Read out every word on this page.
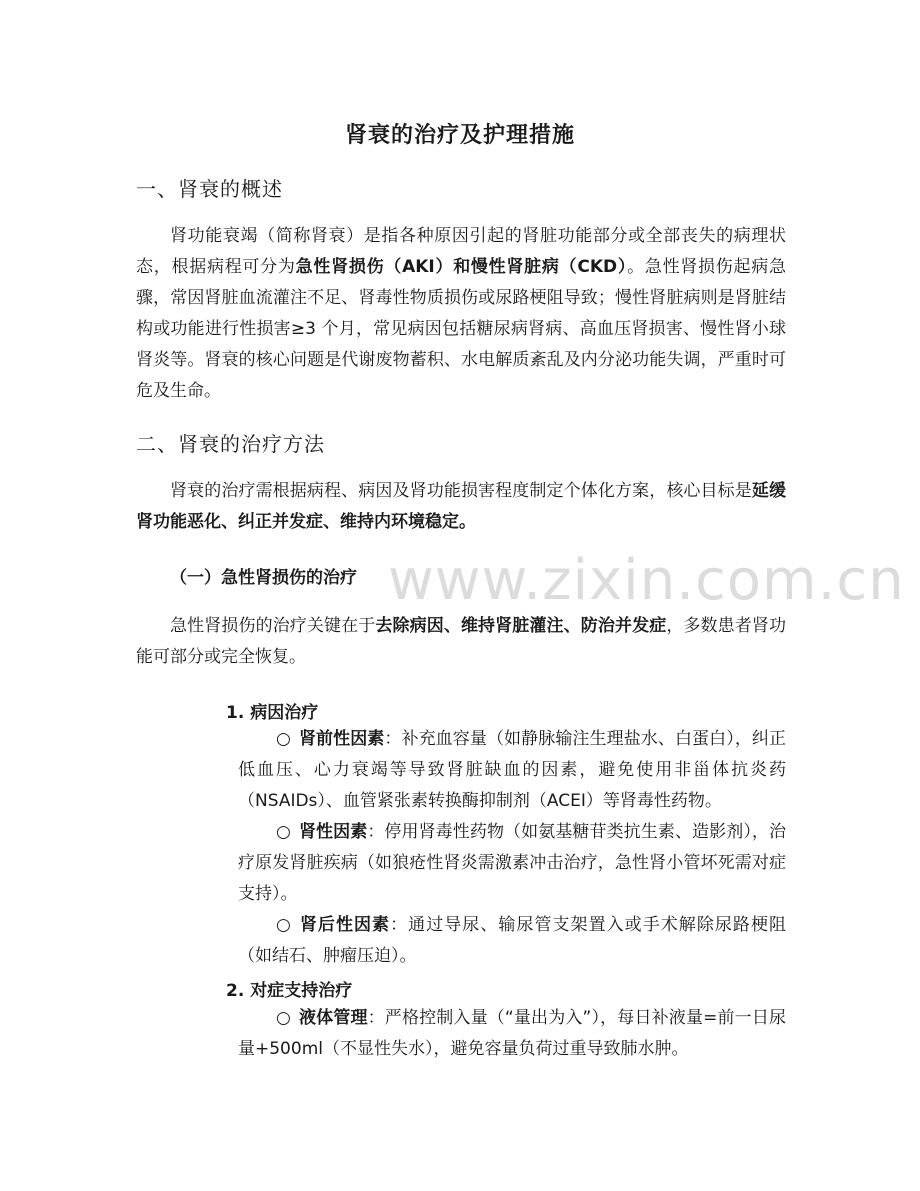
肾衰的治疗及护理措施
一、肾衰的概述

肾功能衰竭（简称肾衰）是指各种原因引起的肾脏功能部分或全部丧失的病理状态，根据病程可分为急性肾损伤（AKI）和慢性肾脏病（CKD）。急性肾损伤起病急骤，常因肾脏血流灌注不足、肾毒性物质损伤或尿路梗阻导致；慢性肾脏病则是肾脏结构或功能进行性损害≥3 个月，常见病因包括糖尿病肾病、高血压肾损害、慢性肾小球肾炎等。肾衰的核心问题是代谢废物蓄积、水电解质紊乱及内分泌功能失调，严重时可危及生命。

二、肾衰的治疗方法

肾衰的治疗需根据病程、病因及肾功能损害程度制定个体化方案，核心目标是延缓肾功能恶化、纠正并发症、维持内环境稳定。

（一）急性肾损伤的治疗

急性肾损伤的治疗关键在于去除病因、维持肾脏灌注、防治并发症，多数患者肾功能可部分或完全恢复。

1. 病因治疗

○ 肾前性因素：补充血容量（如静脉输注生理盐水、白蛋白），纠正低血压、心力衰竭等导致肾脏缺血的因素，避免使用非甾体抗炎药（NSAIDs）、血管紧张素转换酶抑制剂（ACEI）等肾毒性药物。

○ 肾性因素：停用肾毒性药物（如氨基糖苷类抗生素、造影剂），治疗原发肾脏疾病（如狼疮性肾炎需激素冲击治疗，急性肾小管坏死需对症支持）。

○ 肾后性因素：通过导尿、输尿管支架置入或手术解除尿路梗阻（如结石、肿瘤压迫）。

2. 对症支持治疗

○ 液体管理：严格控制入量（“量出为入”），每日补液量=前一日尿量+500ml（不显性失水），避免容量负荷过重导致肺水肿。

www.zixin.com.cn
